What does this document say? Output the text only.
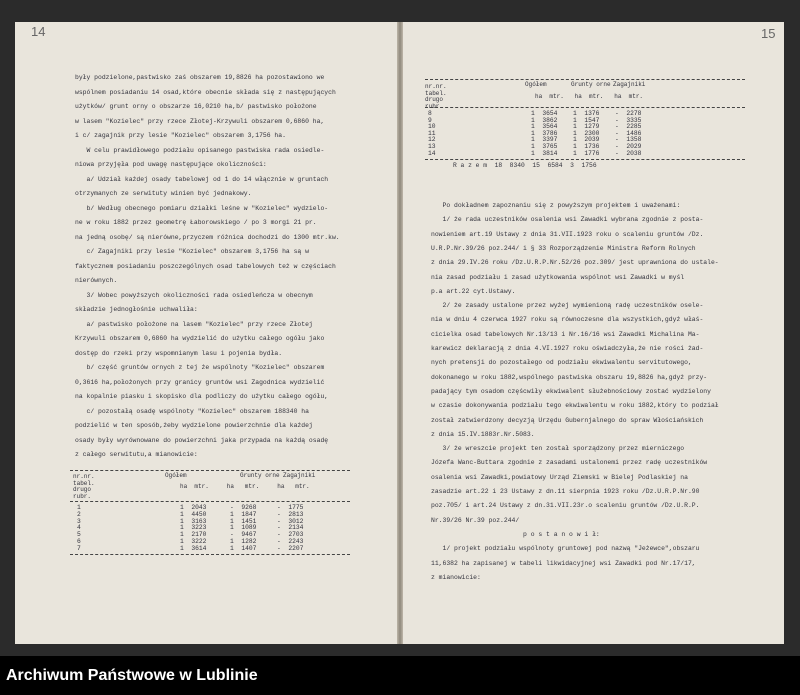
14
były podzielone,pastwisko zaś obszarem 19,8826 ha pozostawiono we
wspólnem posiadaniu 14 osad,które obecnie składa się z następujących
użytków/ grunt orny o obszarze 16,0210 ha,b/ pastwisko położone
w lasem "Kozielec" przy rzece Złotej-Krzywuli obszarem 0,6860 ha,
i c/ zagajnik przy lesie "Kozielec" obszarem 3,1756 ha.
W celu prawidłowego podziału opisanego pastwiska rada osiedle-
niowa przyjęła pod uwagę następujące okoliczności:
a/ Udział każdej osady tabelowej od 1 do 14 włącznie w gruntach
otrzymanych ze serwituty winien być jednakowy.
b/ Według obecnego pomiaru działki leśne w "Kozielec" wydzielo-
ne w roku 1882 przez geometrę Łaborowskiego / po 3 morgi 21 pr.
na jedną osobę/ są nierówne,przyczem różnica dochodzi do 1300 mtr.kw.
c/ Zagajniki przy lesie "Kozielec" obszarem 3,1756 ha są w
faktycznem posiadaniu poszczególnych osad tabelowych też w częściach
nierównych.
3/ Wobec powyższych okoliczności rada osiedleńcza w obecnym
składzie jednogłośnie uchwaliła:
a/ pastwisko położone na lasem "Kozielec" przy rzece Złotej
Krzywuli obszarem 0,6860 ha wydzielić do użytku całego ogółu jako
dostęp do rzeki przy wspomnianym lasu i pojenia bydła.
b/ część gruntów ornych z tej że wspólnoty "Kozielec" obszarem
0,3616 ha,położonych przy granicy gruntów wsi Zagodnica wydzielić
na kopalnie piasku i skopisko dla podliczy do użytku całego ogółu,
c/ pozostałą osadę wspólnoty "Kozielec" obszarem 188340 ha
podzielić w ten sposób,żeby wydzielone powierzchnie dla każdej
osady były wyrównowane do powierzchni jaka przypada na każdą osadę
z całego serwitutu,a mianowicie:
nr.nr.
tabel.
drugo
rubr.
Ogółem	Grunty orne Zagajniki
ha  mtr.     ha   mtr.     ha   mtr.
1	1  2043	-  9268	-  1775
2	1  4450	1  1847	-  2813
3	1  3163	1  1451	-  3012
4	1  3223	1  1089	-  2134
5	1  2170	-  9467	-  2703
6	1  3222	1  1282	-  2243
7	1  3614	1  1407	-  2207
15
nr.nr.
tabel.
drugo
rubr.
Ogółem	Grunty orne Zagajniki
ha  mtr.   ha  mtr.   ha  mtr.
8	1  3654 1  1376 -  2278
9	1  3862 1  1547 -  3335
10	1  3564 1  1279 -  2285
11	1  3786 1  2300 -  1486
12	1  3397 1  2039 -  1358
13	1  3765 1  1736 -  2029
14	1  3814 1  1776 -  2038
R a z e m  18  8340  15  6584  3  1756
Po dokładnem zapoznaniu się z powyższym projektem i uważenami:
1/ że rada uczestników osalenia wsi Zawadki wybrana zgodnie z posta-
nowieniem art.19 Ustawy z dnia 31.VII.1923 roku o scaleniu gruntów /Dz.
U.R.P.Nr.39/26 poz.244/ i § 33 Rozporządzenie Ministra Reform Rolnych
z dnia 29.IV.26 roku /Dz.U.R.P.Nr.52/26 poz.309/ jest uprawniona do ustale-
nia zasad podziału i zasad użytkowania wspólnot wsi Zawadki w myśl
p.a art.22 cyt.Ustawy.
2/ że zasady ustalone przez wyżej wymienioną radę uczestników osele-
nia w dniu 4 czerwca 1927 roku są równoczesne dla wszystkich,gdyż właś-
cicielka osad tabelowych Nr.13/13 i Nr.16/16 wsi Zawadki Michalina Ma-
karewicz deklaracją z dnia 4.VI.1927 roku oświadczyła,że nie rości żad-
nych pretensji do pozostałego od podziału ekwiwalentu servitutowego,
dokonanego w roku 1882,wspólnego pastwiska obszaru 19,8826 ha,gdyż przy-
padający tym osadom częścwiły ekwiwalent służebnościowy zostać wydzielony
w czasie dokonywania podziału tego ekwiwalentu w roku 1882,który to podział
został zatwierdzony decyzją Urzędu Gubernjalnego do spraw Włościańskich
z dnia 15.IV.1883r.Nr.5083.
3/ że wreszcie projekt ten został sporządzony przez mierniczego
Józefa Wanc-Buttara zgodnie z zasadami ustalonemi przez radę uczestników
osalenia wsi Zawadki,powiatowy Urząd Ziemski w Bielej Podlaskiej na
zasadzie art.22 i 23 Ustawy z dn.11 sierpnia 1923 roku /Dz.U.R.P.Nr.90
poz.705/ i art.24 Ustawy z dn.31.VII.23r.o scaleniu gruntów /Dz.U.R.P.
Nr.39/26 Nr.39 poz.244/
p o s t a n o w i ł:
1/ projekt podziału wspólnoty gruntowej pod nazwą "Jeżewce",obszaru
11,6382 ha zapisanej w tabeli likwidacyjnej wsi Zawadki pod Nr.17/17,
z mianowicie:
Archiwum Państwowe w Lublinie
